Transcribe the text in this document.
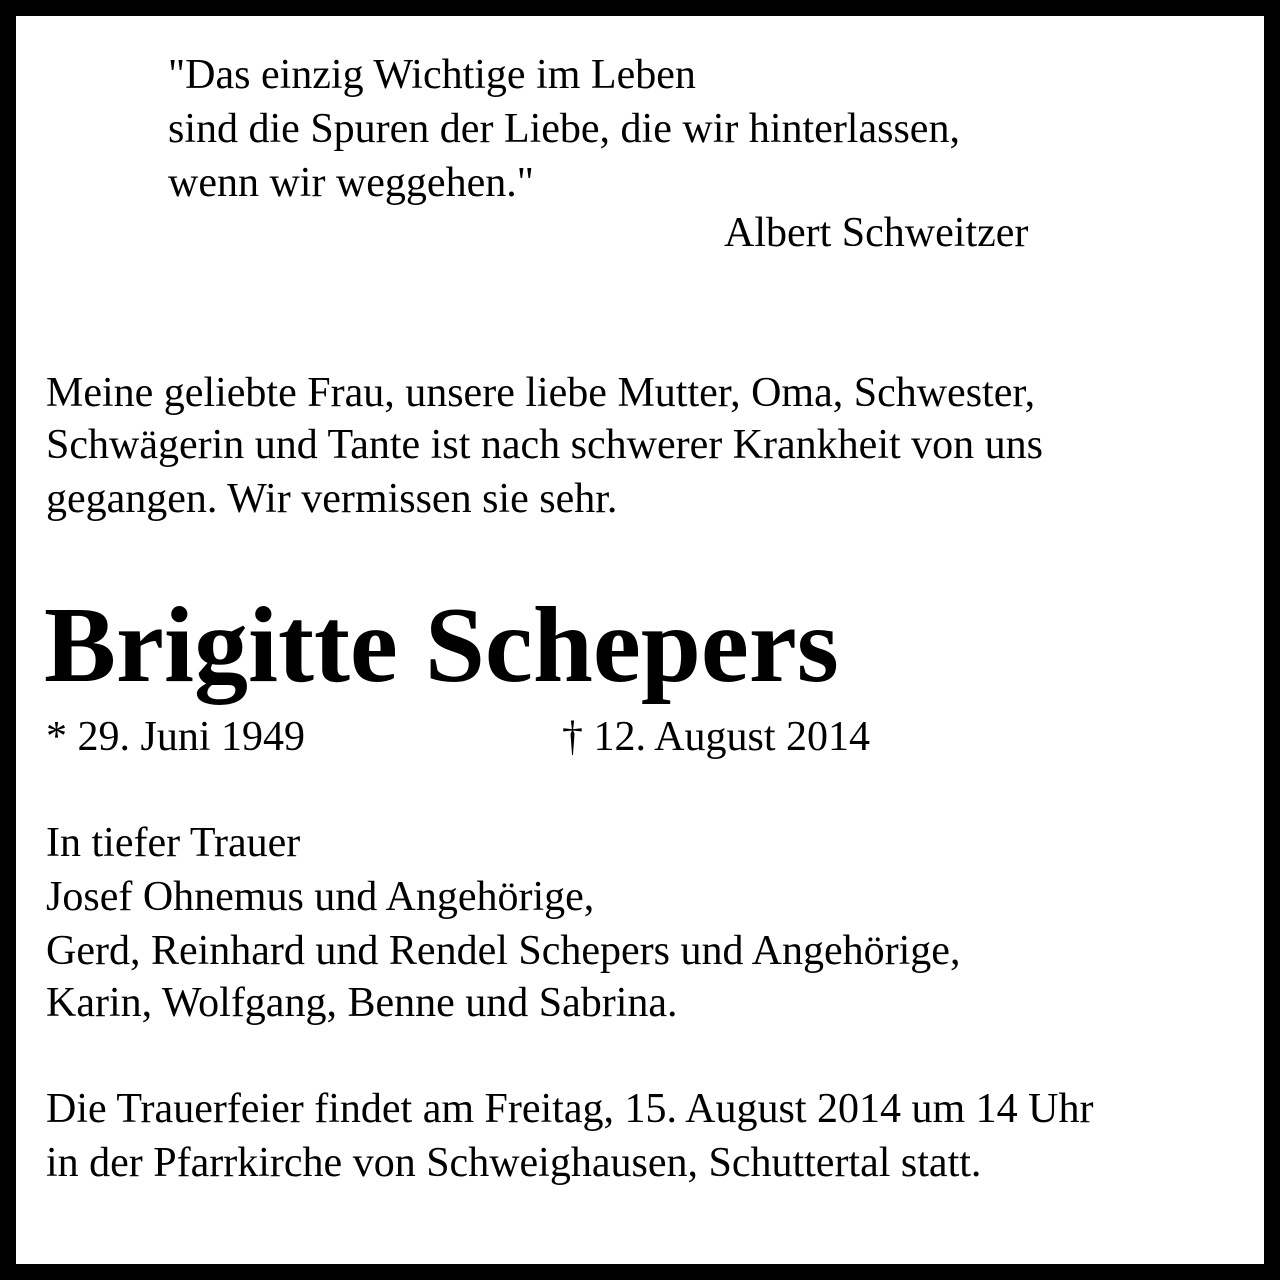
"Das einzig Wichtige im Leben
sind die Spuren der Liebe, die wir hinterlassen,
wenn wir weggehen."
Albert Schweitzer
Meine geliebte Frau, unsere liebe Mutter, Oma, Schwester,
Schwägerin und Tante ist nach schwerer Krankheit von uns
gegangen. Wir vermissen sie sehr.
Brigitte Schepers
* 29. Juni 1949	† 12. August 2014
In tiefer Trauer
Josef Ohnemus und Angehörige,
Gerd, Reinhard und Rendel Schepers und Angehörige,
Karin, Wolfgang, Benne und Sabrina.
Die Trauerfeier findet am Freitag, 15. August 2014 um 14 Uhr
in der Pfarrkirche von Schweighausen, Schuttertal statt.
